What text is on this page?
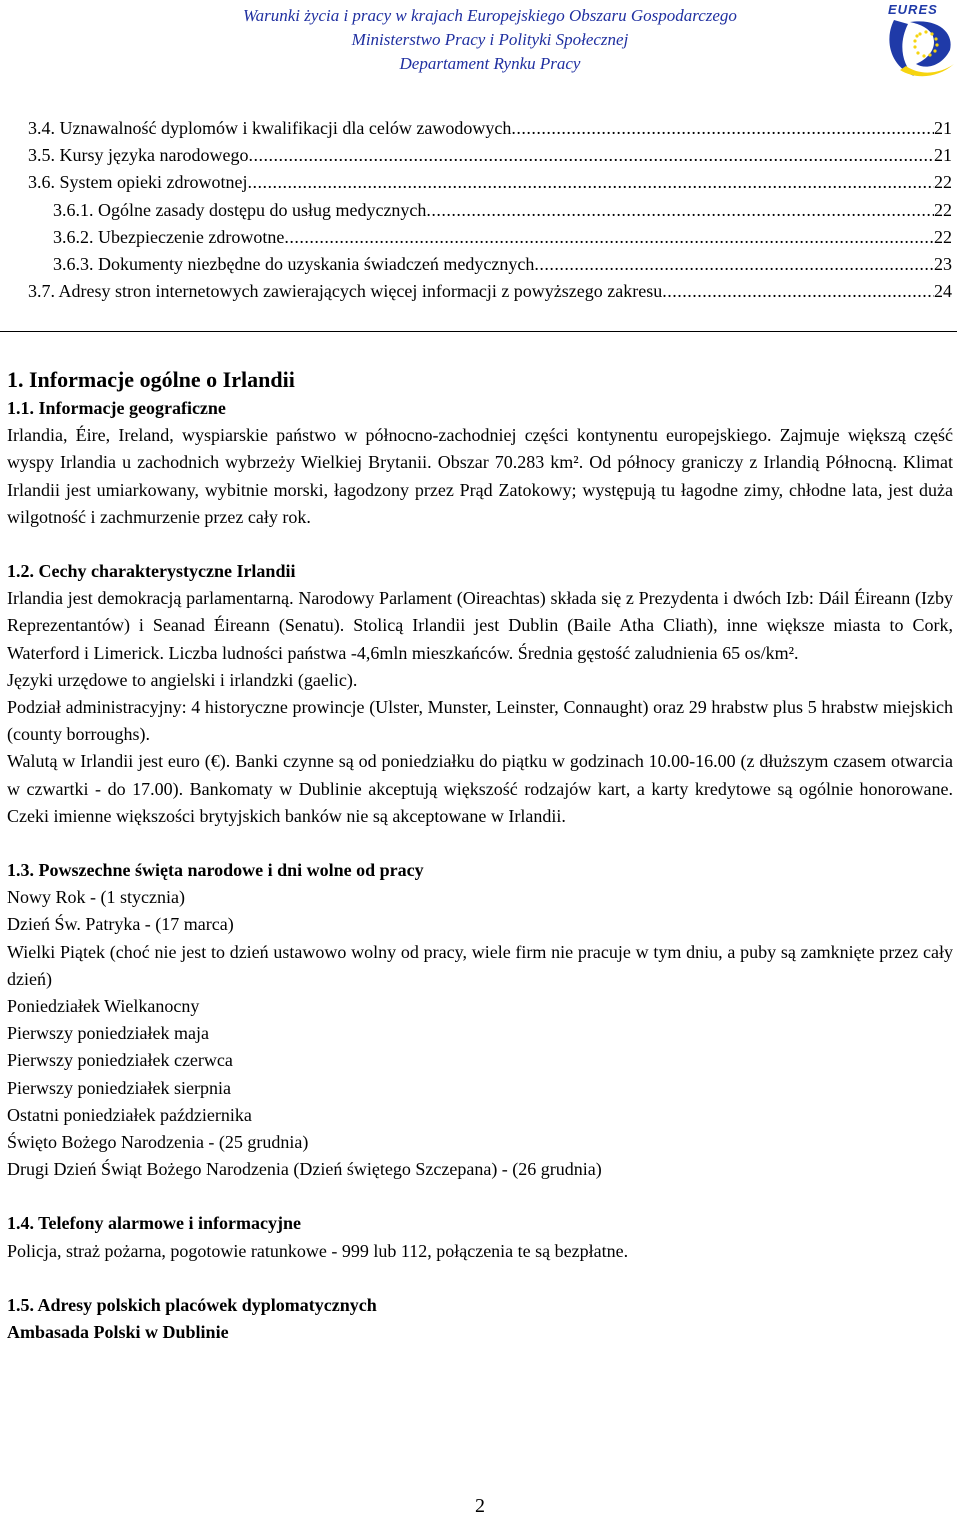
Warunki życia i pracy w krajach Europejskiego Obszaru Gospodarczego
Ministerstwo Pracy i Polityki Społecznej
Departament Rynku Pracy
EURES
3.4. Uznawalność dyplomów i kwalifikacji dla celów zawodowych .....	21
3.5. Kursy języka narodowego .....	21
3.6. System opieki zdrowotnej .....	22
3.6.1. Ogólne zasady dostępu do usług medycznych .....	22
3.6.2. Ubezpieczenie zdrowotne .....	22
3.6.3. Dokumenty niezbędne do uzyskania świadczeń medycznych .....	23
3.7. Adresy stron internetowych zawierających więcej informacji z powyższego zakresu .....	24

1. Informacje ogólne o Irlandii

1.1. Informacje geograficzne

Irlandia, Éire, Ireland, wyspiarskie państwo w północno-zachodniej części kontynentu europejskiego. Zajmuje większą część wyspy Irlandia u zachodnich wybrzeży Wielkiej Brytanii. Obszar 70.283 km². Od północy graniczy z Irlandią Północną. Klimat Irlandii jest umiarkowany, wybitnie morski, łagodzony przez Prąd Zatokowy; występują tu łagodne zimy, chłodne lata, jest duża wilgotność i zachmurzenie przez cały rok.

1.2. Cechy charakterystyczne Irlandii

Irlandia jest demokracją parlamentarną. Narodowy Parlament (Oireachtas) składa się z Prezydenta i dwóch Izb: Dáil Éireann (Izby Reprezentantów) i Seanad Éireann (Senatu). Stolicą Irlandii jest Dublin (Baile Atha Cliath), inne większe miasta to Cork, Waterford i Limerick. Liczba ludności państwa -4,6mln mieszkańców. Średnia gęstość zaludnienia 65 os/km².

Języki urzędowe to angielski i irlandzki (gaelic).

Podział administracyjny: 4 historyczne prowincje (Ulster, Munster, Leinster, Connaught) oraz 29 hrabstw plus 5 hrabstw miejskich (county borroughs).

Walutą w Irlandii jest euro (€). Banki czynne są od poniedziałku do piątku w godzinach 10.00-16.00 (z dłuższym czasem otwarcia w czwartki - do 17.00). Bankomaty w Dublinie akceptują większość rodzajów kart, a karty kredytowe są ogólnie honorowane. Czeki imienne większości brytyjskich banków nie są akceptowane w Irlandii.

1.3. Powszechne święta narodowe i dni wolne od pracy

Nowy Rok - (1 stycznia)

Dzień Św. Patryka - (17 marca)

Wielki Piątek (choć nie jest to dzień ustawowo wolny od pracy, wiele firm nie pracuje w tym dniu, a puby są zamknięte przez cały dzień)

Poniedziałek Wielkanocny

Pierwszy poniedziałek maja

Pierwszy poniedziałek czerwca

Pierwszy poniedziałek sierpnia

Ostatni poniedziałek października

Święto Bożego Narodzenia - (25 grudnia)

Drugi Dzień Świąt Bożego Narodzenia (Dzień świętego Szczepana) - (26 grudnia)

1.4. Telefony alarmowe i informacyjne

Policja, straż pożarna, pogotowie ratunkowe - 999 lub 112, połączenia te są bezpłatne.

1.5. Adresy polskich placówek dyplomatycznych

Ambasada Polski w Dublinie

2
